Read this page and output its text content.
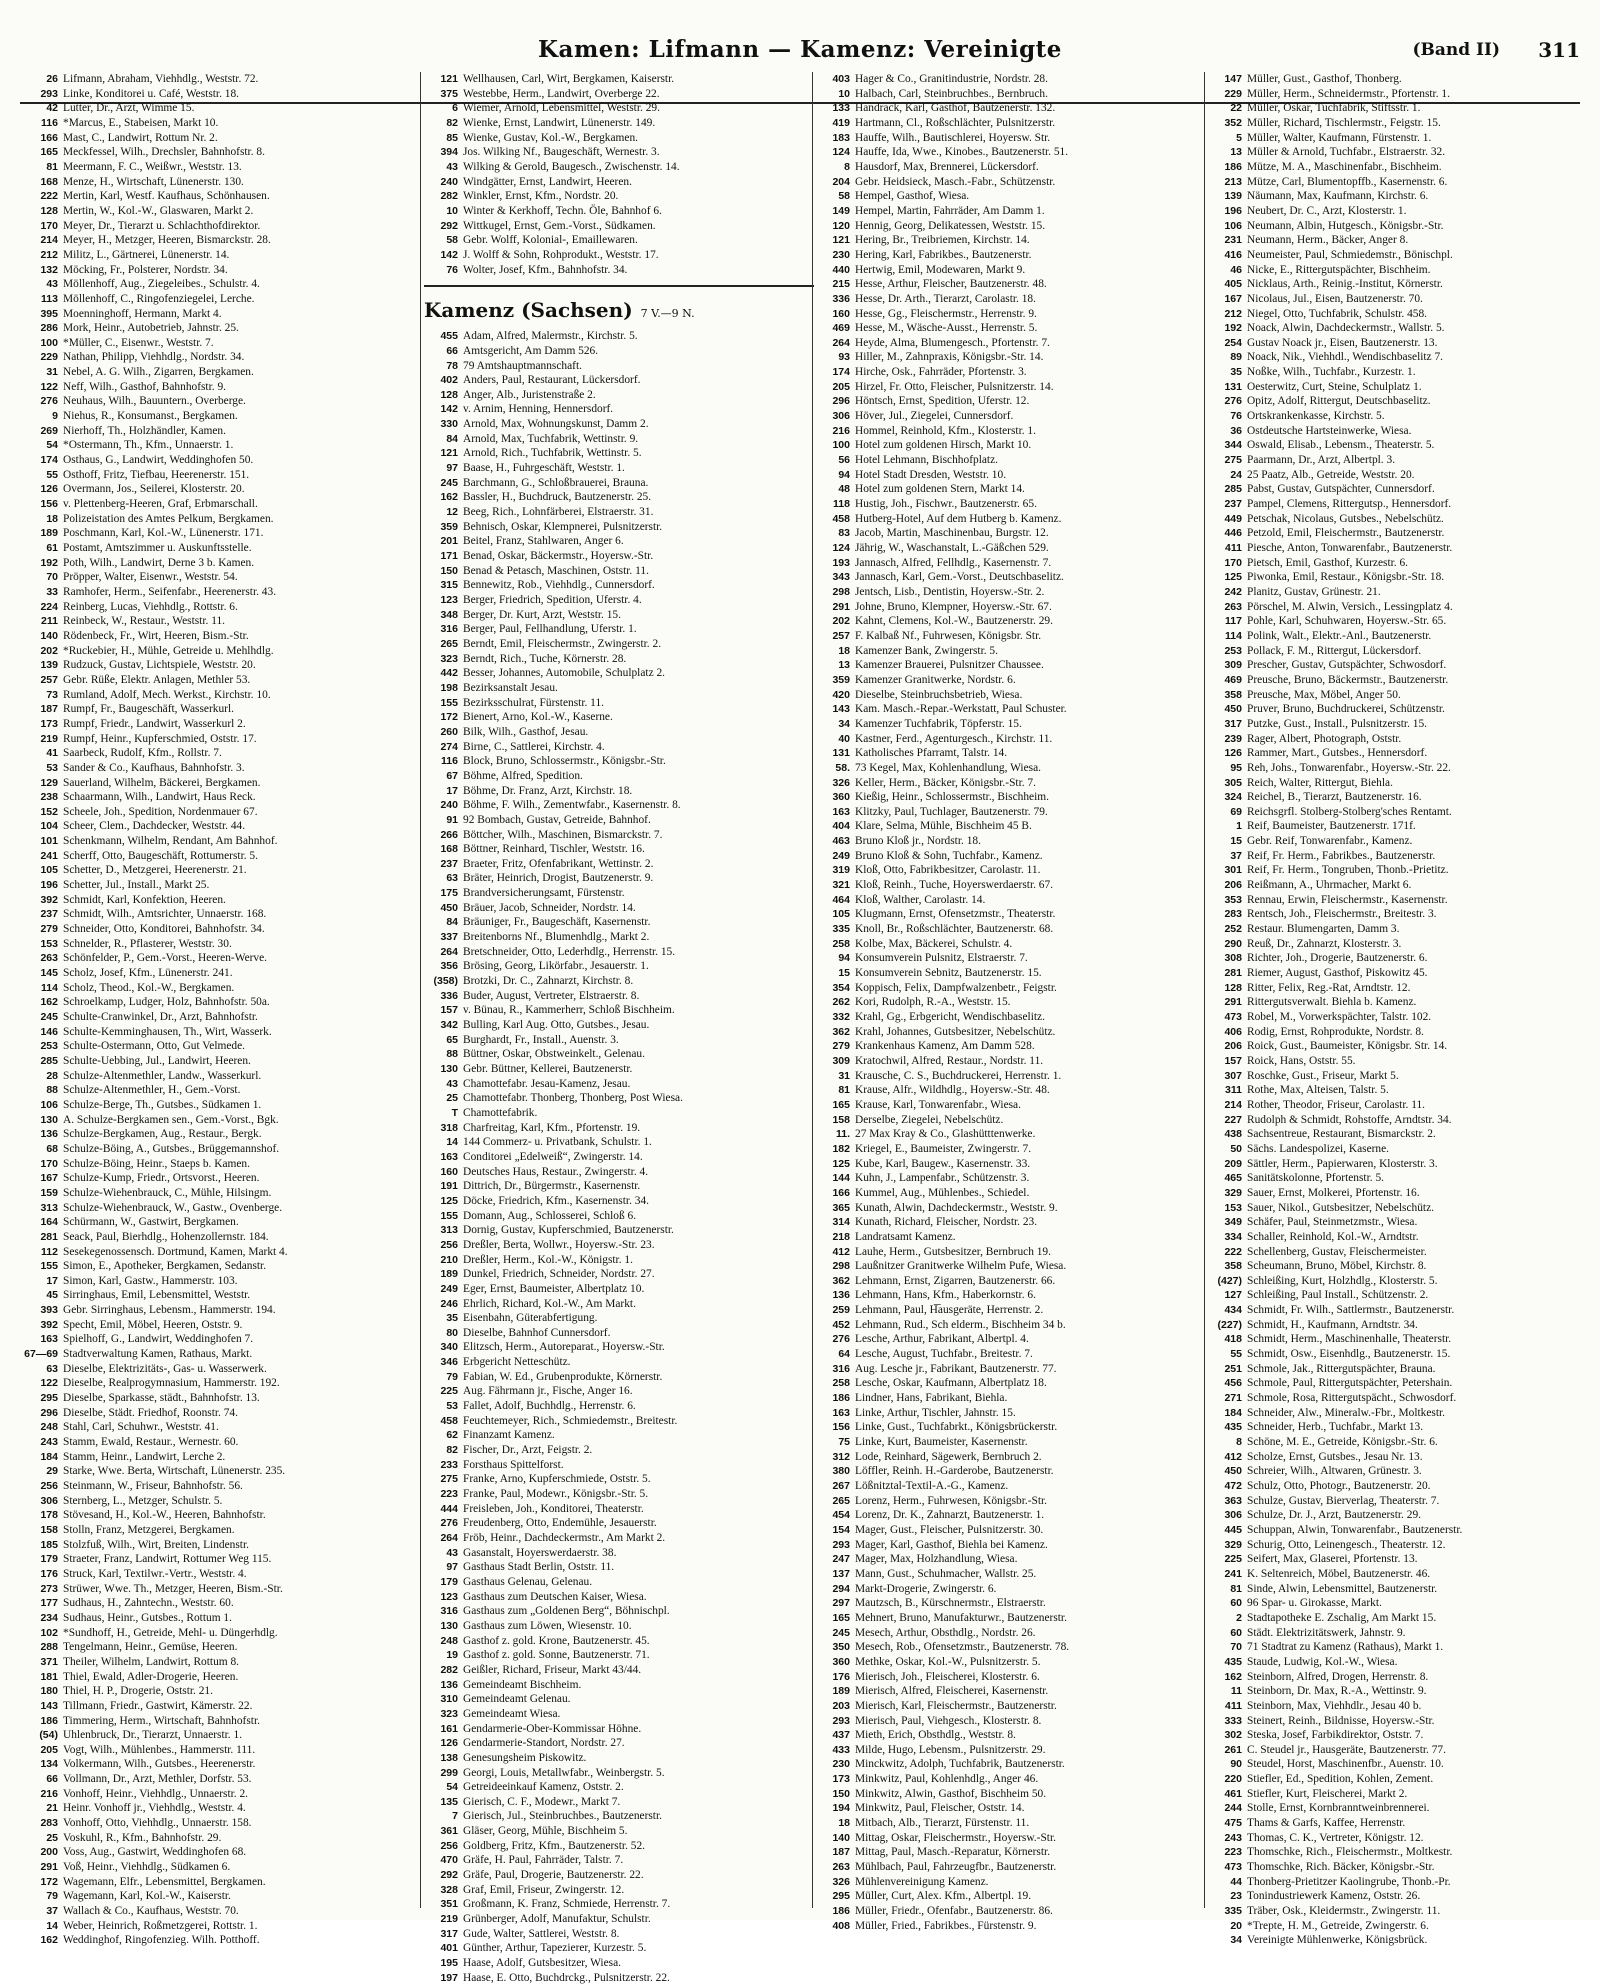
Kamen: Lifmann — Kamenz: Vereinigte	(Band II) 311
26 Lifmann, Abraham, Viehhdlg., Weststr. 72.
293 Linke, Konditorei u. Café, Weststr. 18.
42 Lutter, Dr., Arzt, Wimme 15.
116 *Marcus, E., Stabeisen, Markt 10.
166 Mast, C., Landwirt, Rottum Nr. 2.
165 Meckfessel, Wilh., Drechsler, Bahnhofstr. 8.
81 Meermann, F. C., Weißwr., Weststr. 13.
168 Menze, H., Wirtschaft, Lünenerstr. 130.
222 Mertin, Karl, Westf. Kaufhaus, Schönhausen.
128 Mertin, W., Kol.-W., Glaswaren, Markt 2.
170 Meyer, Dr., Tierarzt u. Schlachthofdirektor.
214 Meyer, H., Metzger, Heeren, Bismarckstr. 28.
212 Militz, L., Gärtnerei, Lünenerstr. 14.
132 Möcking, Fr., Polsterer, Nordstr. 34.
43 Möllenhoff, Aug., Ziegeleibes., Schulstr. 4.
113 Möllenhoff, C., Ringofenziegelei, Lerche.
395 Moenninghoff, Hermann, Markt 4.
286 Mork, Heinr., Autobetrieb, Jahnstr. 25.
100 *Müller, C., Eisenwr., Weststr. 7.
229 Nathan, Philipp, Viehhdlg., Nordstr. 34.
31 Nebel, A. G. Wilh., Zigarren, Bergkamen.
122 Neff, Wilh., Gasthof, Bahnhofstr. 9.
276 Neuhaus, Wilh., Bauuntern., Overberge.
9 Niehus, R., Konsumanst., Bergkamen.
269 Nierhoff, Th., Holzhändler, Kamen.
54 *Ostermann, Th., Kfm., Unnaerstr. 1.
174 Osthaus, G., Landwirt, Weddinghofen 50.
55 Osthoff, Fritz, Tiefbau, Heerenerstr. 151.
126 Overmann, Jos., Seilerei, Klosterstr. 20.
156 v. Plettenberg-Heeren, Graf, Erbmarschall.
18 Polizeistation des Amtes Pelkum, Bergkamen.
189 Poschmann, Karl, Kol.-W., Lünenerstr. 171.
61 Postamt, Amtszimmer u. Auskunftsstelle.
192 Poth, Wilh., Landwirt, Derne 3 b. Kamen.
70 Pröpper, Walter, Eisenwr., Weststr. 54.
33 Ramhofer, Herm., Seifenfabr., Heerenerstr. 43.
224 Reinberg, Lucas, Viehhdlg., Rottstr. 6.
211 Reinbeck, W., Restaur., Weststr. 11.
140 Rödenbeck, Fr., Wirt, Heeren, Bism.-Str.
202 *Ruckebier, H., Mühle, Getreide u. Mehlhdlg.
139 Rudzuck, Gustav, Lichtspiele, Weststr. 20.
257 Gebr. Rüße, Elektr. Anlagen, Methler 53.
73 Rumland, Adolf, Mech. Werkst., Kirchstr. 10.
187 Rumpf, Fr., Baugeschäft, Wasserkurl.
173 Rumpf, Friedr., Landwirt, Wasserkurl 2.
219 Rumpf, Heinr., Kupferschmied, Oststr. 17.
41 Saarbeck, Rudolf, Kfm., Rollstr. 7.
53 Sander & Co., Kaufhaus, Bahnhofstr. 3.
129 Sauerland, Wilhelm, Bäckerei, Bergkamen.
238 Schaarmann, Wilh., Landwirt, Haus Reck.
152 Scheele, Joh., Spedition, Nordenmauer 67.
104 Scheer, Clem., Dachdecker, Weststr. 44.
101 Schenkmann, Wilhelm, Rendant, Am Bahnhof.
241 Scherff, Otto, Baugeschäft, Rottumerstr. 5.
105 Schetter, D., Metzgerei, Heerenerstr. 21.
196 Schetter, Jul., Install., Markt 25.
392 Schmidt, Karl, Konfektion, Heeren.
237 Schmidt, Wilh., Amtsrichter, Unnaerstr. 168.
279 Schneider, Otto, Konditorei, Bahnhofstr. 34.
153 Schnelder, R., Pflasterer, Weststr. 30.
263 Schönfelder, P., Gem.-Vorst., Heeren-Werve.
145 Scholz, Josef, Kfm., Lünenerstr. 241.
114 Scholz, Theod., Kol.-W., Bergkamen.
162 Schroelkamp, Ludger, Holz, Bahnhofstr. 50a.
245 Schulte-Cranwinkel, Dr., Arzt, Bahnhofstr.
146 Schulte-Kemminghausen, Th., Wirt, Wasserk.
253 Schulte-Ostermann, Otto, Gut Velmede.
285 Schulte-Uebbing, Jul., Landwirt, Heeren.
28 Schulze-Altenmethler, Landw., Wasserkurl.
88 Schulze-Altenmethler, H., Gem.-Vorst.
106 Schulze-Berge, Th., Gutsbes., Südkamen 1.
130 A. Schulze-Bergkamen sen., Gem.-Vorst., Bgk.
136 Schulze-Bergkamen, Aug., Restaur., Bergk.
68 Schulze-Böing, A., Gutsbes., Brüggemannshof.
170 Schulze-Böing, Heinr., Staeps b. Kamen.
167 Schulze-Kump, Friedr., Ortsvorst., Heeren.
159 Schulze-Wiehenbrauck, C., Mühle, Hilsingm.
313 Schulze-Wiehenbrauck, W., Gastw., Ovenberge.
164 Schürmann, W., Gastwirt, Bergkamen.
281 Seack, Paul, Bierhdlg., Hohenzollernstr. 184.
112 Sesekegenossensch. Dortmund, Kamen, Markt 4.
155 Simon, E., Apotheker, Bergkamen, Sedanstr.
17 Simon, Karl, Gastw., Hammerstr. 103.
45 Sirringhaus, Emil, Lebensmittel, Weststr.
393 Gebr. Sirringhaus, Lebensm., Hammerstr. 194.
392 Specht, Emil, Möbel, Heeren, Oststr. 9.
163 Spielhoff, G., Landwirt, Weddinghofen 7.
67—69 Stadtverwaltung Kamen, Rathaus, Markt.
63 Dieselbe, Elektrizitäts-, Gas- u. Wasserwerk.
122 Dieselbe, Realprogymnasium, Hammerstr. 192.
295 Dieselbe, Sparkasse, städt., Bahnhofstr. 13.
296 Dieselbe, Städt. Friedhof, Roonstr. 74.
248 Stahl, Carl, Schuhwr., Weststr. 41.
243 Stamm, Ewald, Restaur., Wernestr. 60.
184 Stamm, Heinr., Landwirt, Lerche 2.
29 Starke, Wwe. Berta, Wirtschaft, Lünenerstr. 235.
256 Steinmann, W., Friseur, Bahnhofstr. 56.
306 Sternberg, L., Metzger, Schulstr. 5.
178 Stövesand, H., Kol.-W., Heeren, Bahnhofstr.
158 Stolln, Franz, Metzgerei, Bergkamen.
185 Stolzfuß, Wilh., Wirt, Breiten, Lindenstr.
179 Straeter, Franz, Landwirt, Rottumer Weg 115.
176 Struck, Karl, Textilwr.-Vertr., Weststr. 4.
273 Strüwer, Wwe. Th., Metzger, Heeren, Bism.-Str.
177 Sudhaus, H., Zahntechn., Weststr. 60.
234 Sudhaus, Heinr., Gutsbes., Rottum 1.
102 *Sundhoff, H., Getreide, Mehl- u. Düngerhdlg.
288 Tengelmann, Heinr., Gemüse, Heeren.
371 Theiler, Wilhelm, Landwirt, Rottum 8.
181 Thiel, Ewald, Adler-Drogerie, Heeren.
180 Thiel, H. P., Drogerie, Oststr. 21.
143 Tillmann, Friedr., Gastwirt, Kämerstr. 22.
186 Timmering, Herm., Wirtschaft, Bahnhofstr.
(54) Uhlenbruck, Dr., Tierarzt, Unnaerstr. 1.
205 Vogt, Wilh., Mühlenbes., Hammerstr. 111.
134 Volkermann, Wilh., Gutsbes., Heerenerstr.
66 Vollmann, Dr., Arzt, Methler, Dorfstr. 53.
216 Vonhoff, Heinr., Viehhdlg., Unnaerstr. 2.
21 Heinr. Vonhoff jr., Viehhdlg., Weststr. 4.
283 Vonhoff, Otto, Viehhdlg., Unnaerstr. 158.
25 Voskuhl, R., Kfm., Bahnhofstr. 29.
200 Voss, Aug., Gastwirt, Weddinghofen 68.
291 Voß, Heinr., Viehhdlg., Südkamen 6.
172 Wagemann, Elfr., Lebensmittel, Bergkamen.
79 Wagemann, Karl, Kol.-W., Kaiserstr.
37 Wallach & Co., Kaufhaus, Weststr. 70.
14 Weber, Heinrich, Roßmetzgerei, Rottstr. 1.
162 Weddinghof, Ringofenzieg. Wilh. Potthoff.
121 Wellhausen, Carl, Wirt, Bergkamen, Kaiserstr.
375 Westebbe, Herm., Landwirt, Overberge 22.
6 Wiemer, Arnold, Lebensmittel, Weststr. 29.
82 Wienke, Ernst, Landwirt, Lünenerstr. 149.
85 Wienke, Gustav, Kol.-W., Bergkamen.
394 Jos. Wilking Nf., Baugeschäft, Wernestr. 3.
43 Wilking & Gerold, Baugesch., Zwischenstr. 14.
240 Windgätter, Ernst, Landwirt, Heeren.
282 Winkler, Ernst, Kfm., Nordstr. 20.
10 Winter & Kerkhoff, Techn. Öle, Bahnhof 6.
292 Wittkugel, Ernst, Gem.-Vorst., Südkamen.
58 Gebr. Wolff, Kolonial-, Emaillewaren.
142 J. Wolff & Sohn, Rohprodukt., Weststr. 17.
76 Wolter, Josef, Kfm., Bahnhofstr. 34.
Kamenz (Sachsen) 7 V.—9 N.
455 Adam, Alfred, Malermstr., Kirchstr. 5.
66 Amtsgericht, Am Damm 526.
78 79 Amtshauptmannschaft.
402 Anders, Paul, Restaurant, Lückersdorf.
128 Anger, Alb., Juristenstraße 2.
142 v. Arnim, Henning, Hennersdorf.
330 Arnold, Max, Wohnungskunst, Damm 2.
84 Arnold, Max, Tuchfabrik, Wettinstr. 9.
121 Arnold, Rich., Tuchfabrik, Wettinstr. 5.
97 Baase, H., Fuhrgeschäft, Weststr. 1.
245 Barchmann, G., Schloßbrauerei, Brauna.
162 Bassler, H., Buchdruck, Bautzenerstr. 25.
12 Beeg, Rich., Lohnfärberei, Elstraerstr. 31.
359 Behnisch, Oskar, Klempnerei, Pulsnitzerstr.
201 Beitel, Franz, Stahlwaren, Anger 6.
171 Benad, Oskar, Bäckermstr., Hoyersw.-Str.
150 Benad & Petasch, Maschinen, Oststr. 11.
315 Bennewitz, Rob., Viehhdlg., Cunnersdorf.
123 Berger, Friedrich, Spedition, Uferstr. 4.
348 Berger, Dr. Kurt, Arzt, Weststr. 15.
316 Berger, Paul, Fellhandlung, Uferstr. 1.
265 Berndt, Emil, Fleischermstr., Zwingerstr. 2.
323 Berndt, Rich., Tuche, Körnerstr. 28.
442 Besser, Johannes, Automobile, Schulplatz 2.
198 Bezirksanstalt Jesau.
155 Bezirksschulrat, Fürstenstr. 11.
172 Bienert, Arno, Kol.-W., Kaserne.
260 Bilk, Wilh., Gasthof, Jesau.
274 Birne, C., Sattlerei, Kirchstr. 4.
116 Block, Bruno, Schlossermstr., Königsbr.-Str.
67 Böhme, Alfred, Spedition.
17 Böhme, Dr. Franz, Arzt, Kirchstr. 18.
240 Böhme, F. Wilh., Zementwfabr., Kasernenstr. 8.
91 92 Bombach, Gustav, Getreide, Bahnhof.
266 Böttcher, Wilh., Maschinen, Bismarckstr. 7.
168 Böttner, Reinhard, Tischler, Weststr. 16.
237 Braeter, Fritz, Ofenfabrikant, Wettinstr. 2.
63 Bräter, Heinrich, Drogist, Bautzenerstr. 9.
175 Brandversicherungsamt, Fürstenstr.
450 Bräuer, Jacob, Schneider, Nordstr. 14.
84 Bräuniger, Fr., Baugeschäft, Kasernenstr.
337 Breitenborns Nf., Blumenhdlg., Markt 2.
264 Bretschneider, Otto, Lederhdlg., Herrenstr. 15.
356 Brösing, Georg, Likörfabr., Jesauerstr. 1.
(358) Brotzki, Dr. C., Zahnarzt, Kirchstr. 8.
336 Buder, August, Vertreter, Elstraerstr. 8.
157 v. Bünau, R., Kammerherr, Schloß Bischheim.
342 Bulling, Karl Aug. Otto, Gutsbes., Jesau.
65 Burghardt, Fr., Install., Auenstr. 3.
88 Büttner, Oskar, Obstweinkelt., Gelenau.
130 Gebr. Büttner, Kellerei, Bautzenerstr.
43 Chamottefabr. Jesau-Kamenz, Jesau.
25 Chamottefabr. Thonberg, Thonberg, Post Wiesa.
T Chamottefabrik.
318 Charfreitag, Karl, Kfm., Pfortenstr. 19.
14 144 Commerz- u. Privatbank, Schulstr. 1.
163 Conditorei „Edelweiß“, Zwingerstr. 14.
160 Deutsches Haus, Restaur., Zwingerstr. 4.
191 Dittrich, Dr., Bürgermstr., Kasernenstr.
125 Döcke, Friedrich, Kfm., Kasernenstr. 34.
155 Domann, Aug., Schlosserei, Schloß 6.
313 Dornig, Gustav, Kupferschmied, Bautzenerstr.
256 Dreßler, Berta, Wollwr., Hoyersw.-Str. 23.
210 Dreßler, Herm., Kol.-W., Königstr. 1.
189 Dunkel, Friedrich, Schneider, Nordstr. 27.
249 Eger, Ernst, Baumeister, Albertplatz 10.
246 Ehrlich, Richard, Kol.-W., Am Markt.
35 Eisenbahn, Güterabfertigung.
80 Dieselbe, Bahnhof Cunnersdorf.
340 Elitzsch, Herm., Autoreparat., Hoyersw.-Str.
346 Erbgericht Netteschütz.
79 Fabian, W. Ed., Grubenprodukte, Körnerstr.
225 Aug. Fährmann jr., Fische, Anger 16.
53 Fallet, Adolf, Buchhdlg., Herrenstr. 6.
458 Feuchtemeyer, Rich., Schmiedemstr., Breitestr.
62 Finanzamt Kamenz.
82 Fischer, Dr., Arzt, Feigstr. 2.
233 Forsthaus Spittelforst.
275 Franke, Arno, Kupferschmiede, Oststr. 5.
223 Franke, Paul, Modewr., Königsbr.-Str. 5.
444 Freisleben, Joh., Konditorei, Theaterstr.
276 Freudenberg, Otto, Endemühle, Jesauerstr.
264 Fröb, Heinr., Dachdeckermstr., Am Markt 2.
43 Gasanstalt, Hoyerswerdaerstr. 38.
97 Gasthaus Stadt Berlin, Oststr. 11.
179 Gasthaus Gelenau, Gelenau.
123 Gasthaus zum Deutschen Kaiser, Wiesa.
316 Gasthaus zum „Goldenen Berg“, Böhnischpl.
130 Gasthaus zum Löwen, Wiesenstr. 10.
248 Gasthof z. gold. Krone, Bautzenerstr. 45.
19 Gasthof z. gold. Sonne, Bautzenerstr. 71.
282 Geißler, Richard, Friseur, Markt 43/44.
136 Gemeindeamt Bischheim.
310 Gemeindeamt Gelenau.
323 Gemeindeamt Wiesa.
161 Gendarmerie-Ober-Kommissar Höhne.
126 Gendarmerie-Standort, Nordstr. 27.
138 Genesungsheim Piskowitz.
299 Georgi, Louis, Metallwfabr., Weinbergstr. 5.
54 Getreideeinkauf Kamenz, Oststr. 2.
135 Gierisch, C. F., Modewr., Markt 7.
7 Gierisch, Jul., Steinbruchbes., Bautzenerstr.
361 Gläser, Georg, Mühle, Bischheim 5.
256 Goldberg, Fritz, Kfm., Bautzenerstr. 52.
470 Gräfe, H. Paul, Fahrräder, Talstr. 7.
292 Gräfe, Paul, Drogerie, Bautzenerstr. 22.
328 Graf, Emil, Friseur, Zwingerstr. 12.
351 Großmann, K. Franz, Schmiede, Herrenstr. 7.
219 Grünberger, Adolf, Manufaktur, Schulstr.
317 Gude, Walter, Sattlerei, Weststr. 8.
401 Günther, Arthur, Tapezierer, Kurzestr. 5.
195 Haase, Adolf, Gutsbesitzer, Wiesa.
197 Haase, E. Otto, Buchdrckg., Pulsnitzerstr. 22.
403 Hager & Co., Granitindustrie, Nordstr. 28.
10 Halbach, Carl, Steinbruchbes., Bernbruch.
133 Handrack, Karl, Gasthof, Bautzenerstr. 132.
419 Hartmann, Cl., Roßschlächter, Pulsnitzerstr.
183 Hauffe, Wilh., Bautischlerei, Hoyersw. Str.
124 Hauffe, Ida, Wwe., Kinobes., Bautzenerstr. 51.
8 Hausdorf, Max, Brennerei, Lückersdorf.
204 Gebr. Heidsieck, Masch.-Fabr., Schützenstr.
58 Hempel, Gasthof, Wiesa.
149 Hempel, Martin, Fahrräder, Am Damm 1.
120 Hennig, Georg, Delikatessen, Weststr. 15.
121 Hering, Br., Treibriemen, Kirchstr. 14.
230 Hering, Karl, Fabrikbes., Bautzenerstr.
440 Hertwig, Emil, Modewaren, Markt 9.
215 Hesse, Arthur, Fleischer, Bautzenerstr. 48.
336 Hesse, Dr. Arth., Tierarzt, Carolastr. 18.
160 Hesse, Gg., Fleischermstr., Herrenstr. 9.
469 Hesse, M., Wäsche-Ausst., Herrenstr. 5.
264 Heyde, Alma, Blumengesch., Pfortenstr. 7.
93 Hiller, M., Zahnpraxis, Königsbr.-Str. 14.
174 Hirche, Osk., Fahrräder, Pfortenstr. 3.
205 Hirzel, Fr. Otto, Fleischer, Pulsnitzerstr. 14.
296 Höntsch, Ernst, Spedition, Uferstr. 12.
306 Höver, Jul., Ziegelei, Cunnersdorf.
216 Hommel, Reinhold, Kfm., Klosterstr. 1.
100 Hotel zum goldenen Hirsch, Markt 10.
56 Hotel Lehmann, Bischhofplatz.
94 Hotel Stadt Dresden, Weststr. 10.
48 Hotel zum goldenen Stern, Markt 14.
118 Hustig, Joh., Fischwr., Bautzenerstr. 65.
458 Hutberg-Hotel, Auf dem Hutberg b. Kamenz.
83 Jacob, Martin, Maschinenbau, Burgstr. 12.
124 Jährig, W., Waschanstalt, L.-Gäßchen 529.
193 Jannasch, Alfred, Fellhdlg., Kasernenstr. 7.
343 Jannasch, Karl, Gem.-Vorst., Deutschbaselitz.
298 Jentsch, Lisb., Dentistin, Hoyersw.-Str. 2.
291 Johne, Bruno, Klempner, Hoyersw.-Str. 67.
202 Kahnt, Clemens, Kol.-W., Bautzenerstr. 29.
257 F. Kalbaß Nf., Fuhrwesen, Königsbr. Str.
18 Kamenzer Bank, Zwingerstr. 5.
13 Kamenzer Brauerei, Pulsnitzer Chaussee.
359 Kamenzer Granitwerke, Nordstr. 6.
420 Dieselbe, Steinbruchsbetrieb, Wiesa.
143 Kam. Masch.-Repar.-Werkstatt, Paul Schuster.
34 Kamenzer Tuchfabrik, Töpferstr. 15.
40 Kastner, Ferd., Agenturgesch., Kirchstr. 11.
131 Katholisches Pfarramt, Talstr. 14.
58. 73 Kegel, Max, Kohlenhandlung, Wiesa.
326 Keller, Herm., Bäcker, Königsbr.-Str. 7.
360 Kießig, Heinr., Schlossermstr., Bischheim.
163 Klitzky, Paul, Tuchlager, Bautzenerstr. 79.
404 Klare, Selma, Mühle, Bischheim 45 B.
463 Bruno Kloß jr., Nordstr. 18.
249 Bruno Kloß & Sohn, Tuchfabr., Kamenz.
319 Kloß, Otto, Fabrikbesitzer, Carolastr. 11.
321 Kloß, Reinh., Tuche, Hoyerswerdaerstr. 67.
464 Kloß, Walther, Carolastr. 14.
105 Klugmann, Ernst, Ofensetzmstr., Theaterstr.
335 Knoll, Br., Roßschlächter, Bautzenerstr. 68.
258 Kolbe, Max, Bäckerei, Schulstr. 4.
94 Konsumverein Pulsnitz, Elstraerstr. 7.
15 Konsumverein Sebnitz, Bautzenerstr. 15.
354 Koppisch, Felix, Dampfwalzenbetr., Feigstr.
262 Kori, Rudolph, R.-A., Weststr. 15.
332 Krahl, Gg., Erbgericht, Wendischbaselitz.
362 Krahl, Johannes, Gutsbesitzer, Nebelschütz.
279 Krankenhaus Kamenz, Am Damm 528.
309 Kratochwil, Alfred, Restaur., Nordstr. 11.
31 Krausche, C. S., Buchdruckerei, Herrenstr. 1.
81 Krause, Alfr., Wildhdlg., Hoyersw.-Str. 48.
165 Krause, Karl, Tonwarenfabr., Wiesa.
158 Derselbe, Ziegelei, Nebelschütz.
11. 27 Max Kray & Co., Glashütttenwerke.
182 Kriegel, E., Baumeister, Zwingerstr. 7.
125 Kube, Karl, Baugew., Kasernenstr. 33.
144 Kuhn, J., Lampenfabr., Schützenstr. 3.
166 Kummel, Aug., Mühlenbes., Schiedel.
365 Kunath, Alwin, Dachdeckermstr., Weststr. 9.
314 Kunath, Richard, Fleischer, Nordstr. 23.
218 Landratsamt Kamenz.
412 Lauhe, Herm., Gutsbesitzer, Bernbruch 19.
298 Laußnitzer Granitwerke Wilhelm Pufe, Wiesa.
362 Lehmann, Ernst, Zigarren, Bautzenerstr. 66.
136 Lehmann, Hans, Kfm., Haberkornstr. 6.
259 Lehmann, Paul, H͞ausgeräte, Herrenstr. 2.
452 Lehmann, Rud., Sch elderm., Bischheim 34 b.
276 Lesche, Arthur, Fabrikant, Albertpl. 4.
64 Lesche, August, Tuchfabr., Breitestr. 7.
316 Aug. Lesche jr., Fabrikant, Bautzenerstr. 77.
258 Lesche, Oskar, Kaufmann, Albertplatz 18.
186 Lindner, Hans, Fabrikant, Biehla.
163 Linke, Arthur, Tischler, Jahnstr. 15.
156 Linke, Gust., Tuchfabrkt., Königsbrückerstr.
75 Linke, Kurt, Baumeister, Kasernenstr.
312 Lode, Reinhard, Sägewerk, Bernbruch 2.
380 Löffler, Reinh. H.-Garderobe, Bautzenerstr.
267 Lößnitztal-Textil-A.-G., Kamenz.
265 Lorenz, Herm., Fuhrwesen, Königsbr.-Str.
454 Lorenz, Dr. K., Zahnarzt, Bautzenerstr. 1.
154 Mager, Gust., Fleischer, Pulsnitzerstr. 30.
293 Mager, Karl, Gasthof, Biehla bei Kamenz.
247 Mager, Max, Holzhandlung, Wiesa.
137 Mann, Gust., Schuhmacher, Wallstr. 25.
294 Markt-Drogerie, Zwingerstr. 6.
297 Mautzsch, B., Kürschnermstr., Elstraerstr.
165 Mehnert, Bruno, Manufakturwr., Bautzenerstr.
245 Mesech, Arthur, Obsthdlg., Nordstr. 26.
350 Mesech, Rob., Ofensetzmstr., Bautzenerstr. 78.
360 Methke, Oskar, Kol.-W., Pulsnitzerstr. 5.
176 Mierisch, Joh., Fleischerei, Klosterstr. 6.
189 Mierisch, Alfred, Fleischerei, Kasernenstr.
203 Mierisch, Karl, Fleischermstr., Bautzenerstr.
293 Mierisch, Paul, Viehgesch., Klosterstr. 8.
437 Mieth, Erich, Obsthdlg., Weststr. 8.
433 Milde, Hugo, Lebensm., Pulsnitzerstr. 29.
230 Minckwitz, Adolph, Tuchfabrik, Bautzenerstr.
173 Minkwitz, Paul, Kohlenhdlg., Anger 46.
150 Minkwitz, Alwin, Gasthof, Bischheim 50.
194 Minkwitz, Paul, Fleischer, Oststr. 14.
18 Mitbach, Alb., Tierarzt, Fürstenstr. 11.
140 Mittag, Oskar, Fleischermstr., Hoyersw.-Str.
187 Mittag, Paul, Masch.-Reparatur, Körnerstr.
263 Mühlbach, Paul, Fahrzeugfbr., Bautzenerstr.
326 Mühlenvereinigung Kamenz.
295 Müller, Curt, Alex. Kfm., Albertpl. 19.
186 Müller, Friedr., Ofenfabr., Bautzenerstr. 86.
408 Müller, Fried., Fabrikbes., Fürstenstr. 9.
147 Müller, Gust., Gasthof, Thonberg.
229 Müller, Herm., Schneidermstr., Pfortenstr. 1.
22 Müller, Oskar, Tuchfabrik, Stiftsstr. 1.
352 Müller, Richard, Tischlermstr., Feigstr. 15.
5 Müller, Walter, Kaufmann, Fürstenstr. 1.
13 Müller & Arnold, Tuchfabr., Elstraerstr. 32.
186 Mütze, M. A., Maschinenfabr., Bischheim.
213 Mütze, Carl, Blumentopffb., Kasernenstr. 6.
139 Näumann, Max, Kaufmann, Kirchstr. 6.
196 Neubert, Dr. C., Arzt, Klosterstr. 1.
106 Neumann, Albin, Hutgesch., Königsbr.-Str.
231 Neumann, Herm., Bäcker, Anger 8.
416 Neumeister, Paul, Schmiedemstr., Bönischpl.
46 Nicke, E., Rittergutspächter, Bischheim.
405 Nicklaus, Arth., Reinig.-Institut, Körnerstr.
167 Nicolaus, Jul., Eisen, Bautzenerstr. 70.
212 Niegel, Otto, Tuchfabrik, Schulstr. 458.
192 Noack, Alwin, Dachdeckermstr., Wallstr. 5.
254 Gustav Noack jr., Eisen, Bautzenerstr. 13.
89 Noack, Nik., Viehhdl., Wendischbaselitz 7.
35 Noßke, Wilh., Tuchfabr., Kurzestr. 1.
131 Oesterwitz, Curt, Steine, Schulplatz 1.
276 Opitz, Adolf, Rittergut, Deutschbaselitz.
76 Ortskrankenkasse, Kirchstr. 5.
36 Ostdeutsche Hartsteinwerke, Wiesa.
344 Oswald, Elisab., Lebensm., Theaterstr. 5.
275 Paarmann, Dr., Arzt, Albertpl. 3.
24 25 Paatz, Alb., Getreide, Weststr. 20.
285 Pabst, Gustav, Gutspächter, Cunnersdorf.
237 Pampel, Clemens, Rittergutsp., Hennersdorf.
449 Petschak, Nicolaus, Gutsbes., Nebelschütz.
446 Petzold, Emil, Fleischermstr., Bautzenerstr.
411 Piesche, Anton, Tonwarenfabr., Bautzenerstr.
170 Pietsch, Emil, Gasthof, Kurzestr. 6.
125 Piwonka, Emil, Restaur., Königsbr.-Str. 18.
242 Planitz, Gustav, Grünestr. 21.
263 Pörschel, M. Alwin, Versich., Lessingplatz 4.
117 Pohle, Karl, Schuhwaren, Hoyersw.-Str. 65.
114 Polink, Walt., Elektr.-Anl., Bautzenerstr.
253 Pollack, F. M., Rittergut, Lückersdorf.
309 Prescher, Gustav, Gutspächter, Schwosdorf.
469 Preusche, Bruno, Bäckermstr., Bautzenerstr.
358 Preusche, Max, Möbel, Anger 50.
450 Pruver, Bruno, Buchdruckerei, Schützenstr.
317 Putzke, Gust., Install., Pulsnitzerstr. 15.
239 Rager, Albert, Photograph, Oststr.
126 Rammer, Mart., Gutsbes., Hennersdorf.
95 Reh, Johs., Tonwarenfabr., Hoyersw.-Str. 22.
305 Reich, Walter, Rittergut, Biehla.
324 Reichel, B., Tierarzt, Bautzenerstr. 16.
69 Reichsgrfl. Stolberg-Stolberg'sches Rentamt.
1 Reif, Baumeister, Bautzenerstr. 171f.
15 Gebr. Reif, Tonwarenfabr., Kamenz.
37 Reif, Fr. Herm., Fabrikbes., Bautzenerstr.
301 Reif, Fr. Herm., Tongruben, Thonb.-Prietitz.
206 Reißmann, A., Uhrmacher, Markt 6.
353 Rennau, Erwin, Fleischermstr., Kasernenstr.
283 Rentsch, Joh., Fleischermstr., Breitestr. 3.
252 Restaur. Blumengarten, Damm 3.
290 Reuß, Dr., Zahnarzt, Klosterstr. 3.
308 Richter, Joh., Drogerie, Bautzenerstr. 6.
281 Riemer, August, Gasthof, Piskowitz 45.
128 Ritter, Felix, Reg.-Rat, Arndtstr. 12.
291 Rittergutsverwalt. Biehla b. Kamenz.
473 Robel, M., Vorwerkspächter, Talstr. 102.
406 Rodig, Ernst, Rohprodukte, Nordstr. 8.
206 Roick, Gust., Baumeister, Königsbr. Str. 14.
157 Roick, Hans, Oststr. 55.
307 Roschke, Gust., Friseur, Markt 5.
311 Rothe, Max, Alteisen, Talstr. 5.
214 Rother, Theodor, Friseur, Carolastr. 11.
227 Rudolph & Schmidt, Rohstoffe, Arndtstr. 34.
438 Sachsentreue, Restaurant, Bismarckstr. 2.
50 Sächs. Landespolizei, Kaserne.
209 Sättler, Herm., Papierwaren, Klosterstr. 3.
465 Sanitätskolonne, Pfortenstr. 5.
329 Sauer, Ernst, Molkerei, Pfortenstr. 16.
153 Sauer, Nikol., Gutsbesitzer, Nebelschütz.
349 Schäfer, Paul, Steinmetzmstr., Wiesa.
334 Schaller, Reinhold, Kol.-W., Arndtstr.
222 Schellenberg, Gustav, Fleischermeister.
358 Scheumann, Bruno, Möbel, Kirchstr. 8.
(427) Schleißing, Kurt, Holzhdlg., Klosterstr. 5.
127 Schleißing, Paul Install., Schützenstr. 2.
434 Schmidt, Fr. Wilh., Sattlermstr., Bautzenerstr.
(227) Schmidt, H., Kaufmann, Arndtstr. 34.
418 Schmidt, Herm., Maschinenhalle, Theaterstr.
55 Schmidt, Osw., Eisenhdlg., Bautzenerstr. 15.
251 Schmole, Jak., Rittergutspächter, Brauna.
456 Schmole, Paul, Rittergutspächter, Petershain.
271 Schmole, Rosa, Rittergutspächt., Schwosdorf.
184 Schneider, Alw., Mineralw.-Fbr., Moltkestr.
435 Schneider, Herb., Tuchfabr., Markt 13.
8 Schöne, M. E., Getreide, Königsbr.-Str. 6.
412 Scholze, Ernst, Gutsbes., Jesau Nr. 13.
450 Schreier, Wilh., Altwaren, Grünestr. 3.
472 Schulz, Otto, Photogr., Bautzenerstr. 20.
363 Schulze, Gustav, Bierverlag, Theaterstr. 7.
306 Schulze, Dr. J., Arzt, Bautzenerstr. 29.
445 Schuppan, Alwin, Tonwarenfabr., Bautzenerstr.
329 Schurig, Otto, Leinengesch., Theaterstr. 12.
225 Seifert, Max, Glaserei, Pfortenstr. 13.
241 K. Seltenreich, Möbel, Bautzenerstr. 46.
81 Sinde, Alwin, Lebensmittel, Bautzenerstr.
60 96 Spar- u. Girokasse, Markt.
2 Stadtapotheke E. Zschalig, Am Markt 15.
60 Städt. Elektrizitätswerk, Jahnstr. 9.
70 71 Stadtrat zu Kamenz (Rathaus), Markt 1.
435 Staude, Ludwig, Kol.-W., Wiesa.
162 Steinborn, Alfred, Drogen, Herrenstr. 8.
11 Steinborn, Dr. Max, R.-A., Wettinstr. 9.
411 Steinborn, Max, Viehhdlr., Jesau 40 b.
333 Steinert, Reinh., Bildnisse, Hoyersw.-Str.
302 Steska, Josef, Farbikdirektor, Oststr. 7.
261 C. Steudel jr., Hausgeräte, Bautzenerstr. 77.
90 Steudel, Horst, Maschinenfbr., Auenstr. 10.
220 Stiefler, Ed., Spedition, Kohlen, Zement.
461 Stiefler, Kurt, Fleischerei, Markt 2.
244 Stolle, Ernst, Kornbranntweinbrennerei.
475 Thams & Garfs, Kaffee, Herrenstr.
243 Thomas, C. K., Vertreter, Königstr. 12.
223 Thomschke, Rich., Fleischermstr., Moltkestr.
473 Thomschke, Rich. Bäcker, Königsbr.-Str.
44 Thonberg-Prietitzer Kaolingrube, Thonb.-Pr.
23 Tonindustriewerk Kamenz, Oststr. 26.
335 Träber, Osk., Kleidermstr., Zwingerstr. 11.
20 *Trepte, H. M., Getreide, Zwingerstr. 6.
34 Vereinigte Mühlenwerke, Königsbrück.
